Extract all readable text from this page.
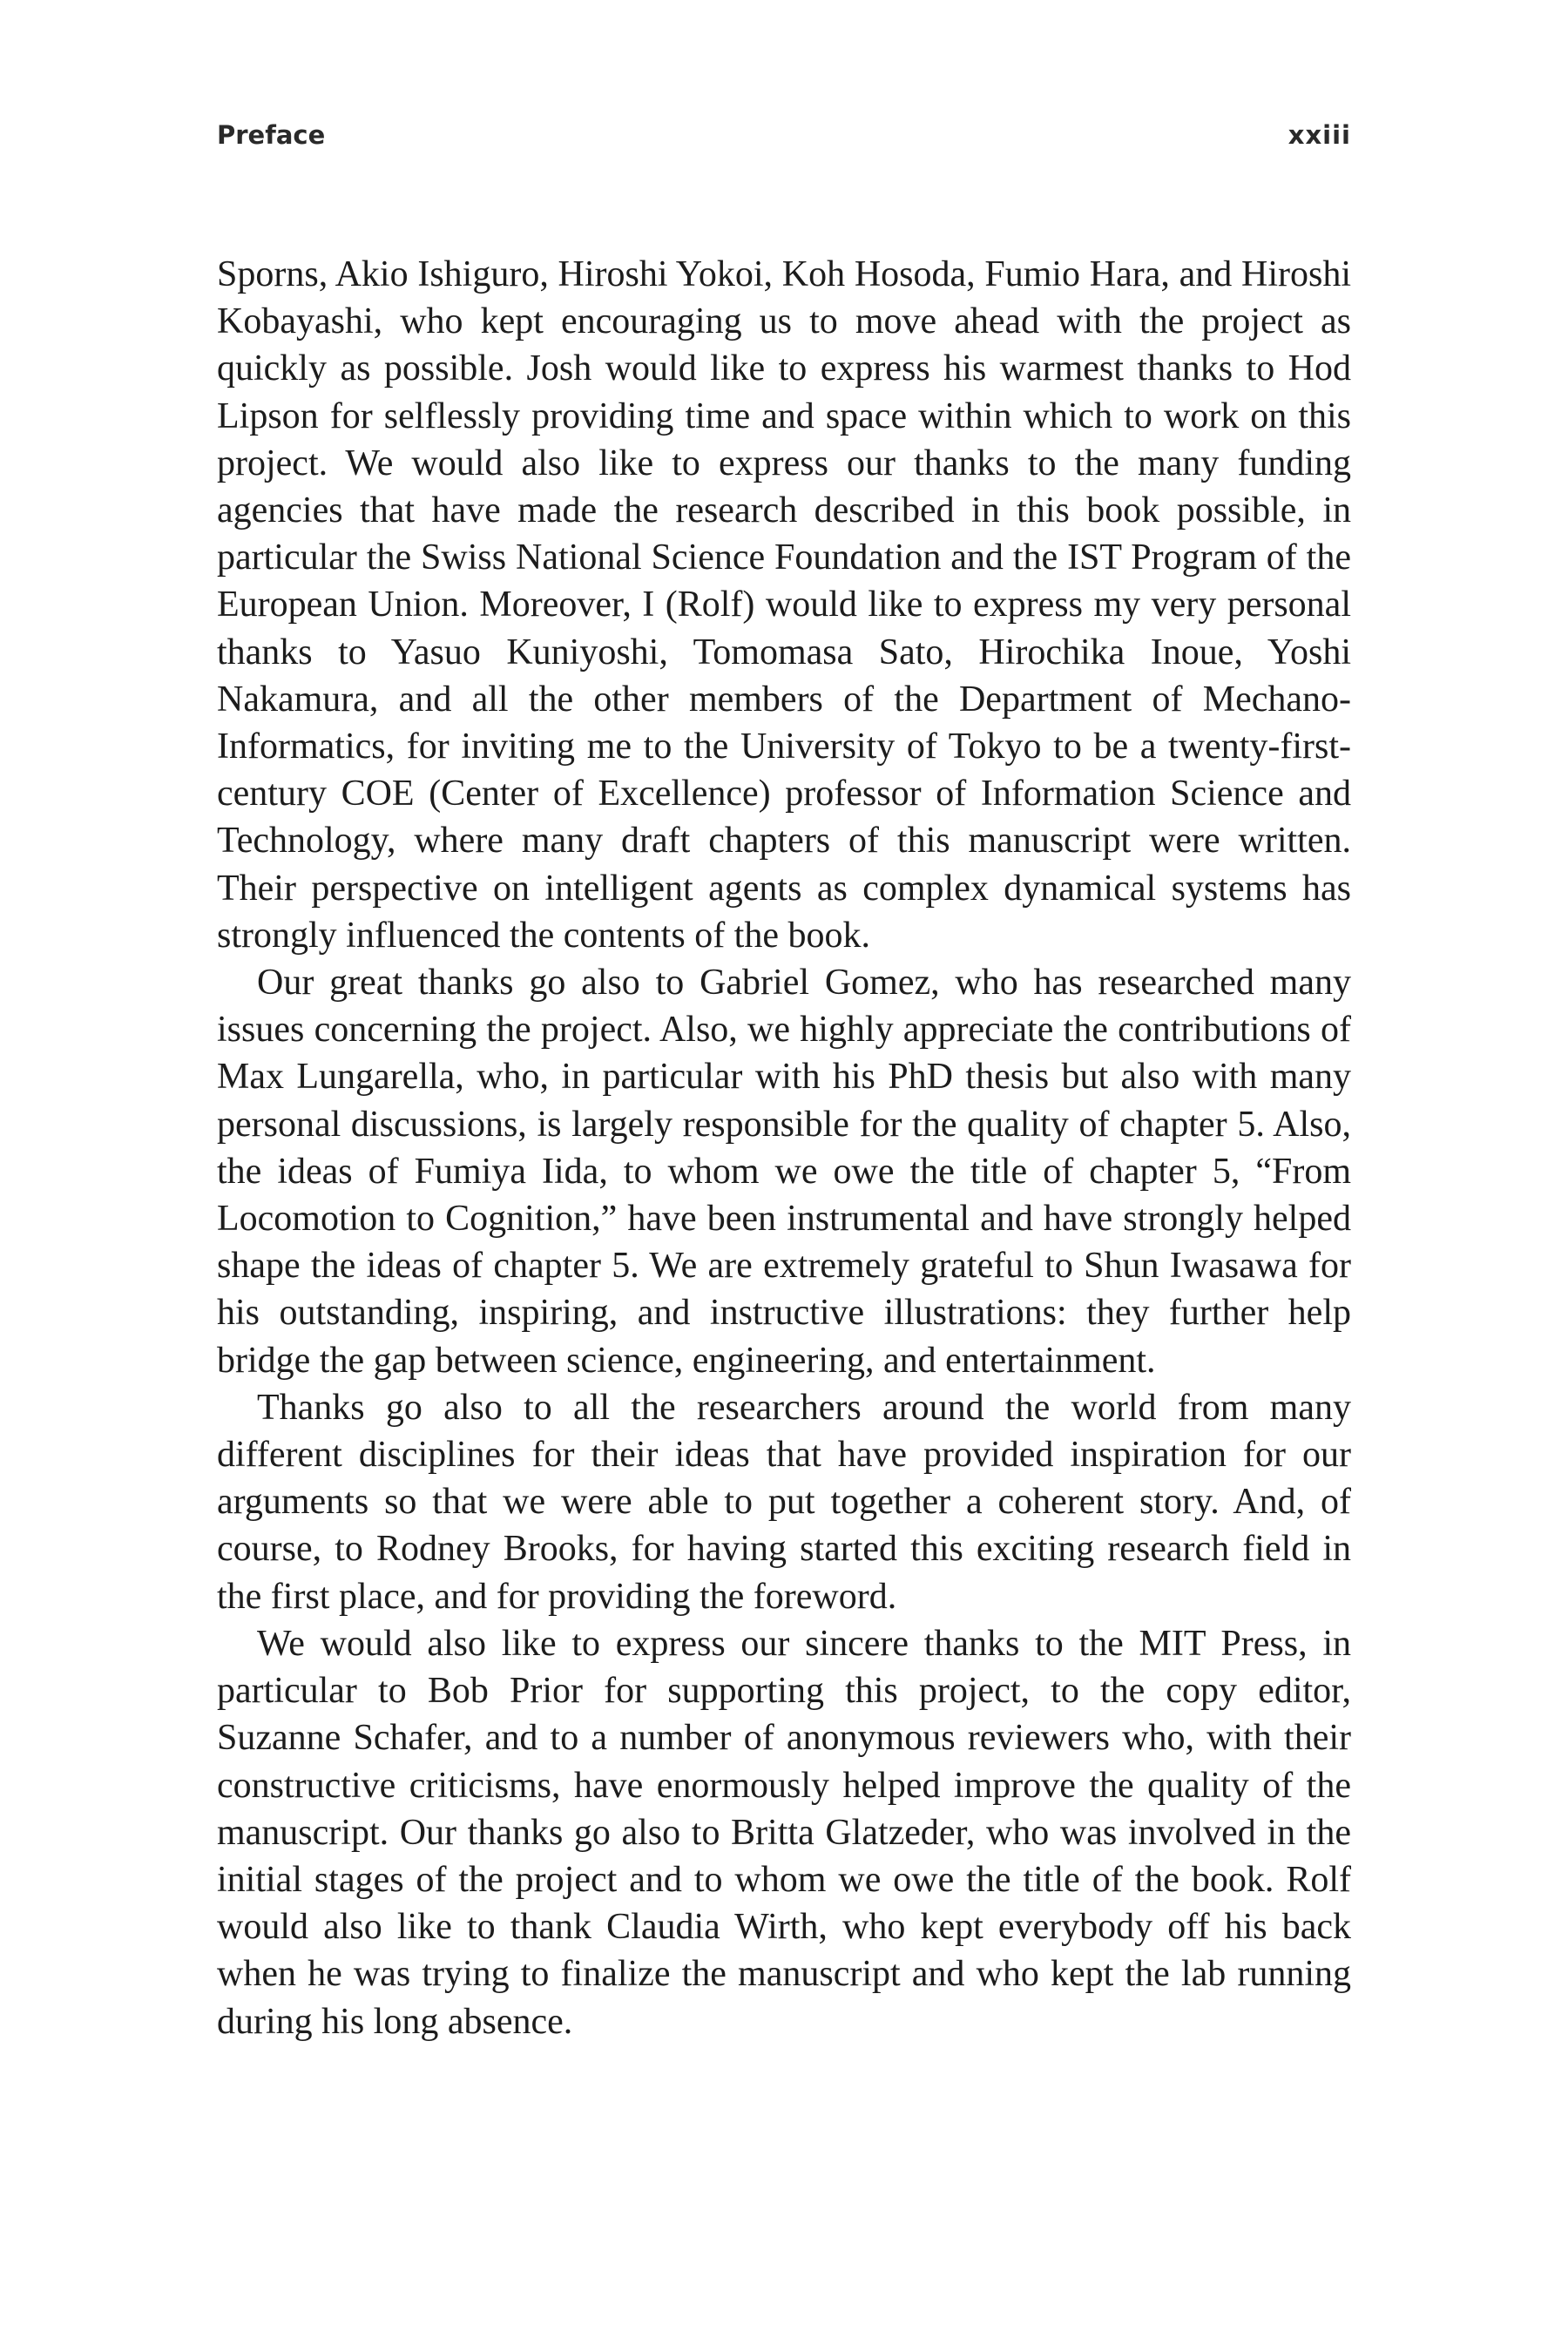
Preface	xxiii

Sporns, Akio Ishiguro, Hiroshi Yokoi, Koh Hosoda, Fumio Hara, and Hiroshi Kobayashi, who kept encouraging us to move ahead with the project as quickly as possible. Josh would like to express his warmest thanks to Hod Lipson for selflessly providing time and space within which to work on this project. We would also like to express our thanks to the many funding agencies that have made the research described in this book possible, in particular the Swiss National Science Foundation and the IST Program of the European Union. Moreover, I (Rolf) would like to express my very personal thanks to Yasuo Kuniyoshi, Tomomasa Sato, Hirochika Inoue, Yoshi Nakamura, and all the other members of the Department of Mechano-Informatics, for inviting me to the University of Tokyo to be a twenty-first-century COE (Center of Excellence) professor of Information Science and Technology, where many draft chapters of this manuscript were written. Their perspective on intelligent agents as complex dynamical systems has strongly influenced the contents of the book.

Our great thanks go also to Gabriel Gomez, who has researched many issues concerning the project. Also, we highly appreciate the contributions of Max Lungarella, who, in particular with his PhD thesis but also with many personal discussions, is largely responsible for the quality of chapter 5. Also, the ideas of Fumiya Iida, to whom we owe the title of chapter 5, “From Locomotion to Cognition,” have been instrumental and have strongly helped shape the ideas of chapter 5. We are extremely grateful to Shun Iwasawa for his outstanding, inspiring, and instructive illustrations: they further help bridge the gap between science, engineering, and entertainment.

Thanks go also to all the researchers around the world from many different disciplines for their ideas that have provided inspiration for our arguments so that we were able to put together a coherent story. And, of course, to Rodney Brooks, for having started this exciting research field in the first place, and for providing the foreword.

We would also like to express our sincere thanks to the MIT Press, in particular to Bob Prior for supporting this project, to the copy editor, Suzanne Schafer, and to a number of anonymous reviewers who, with their constructive criticisms, have enormously helped improve the quality of the manuscript. Our thanks go also to Britta Glatzeder, who was involved in the initial stages of the project and to whom we owe the title of the book. Rolf would also like to thank Claudia Wirth, who kept everybody off his back when he was trying to finalize the manuscript and who kept the lab running during his long absence.
